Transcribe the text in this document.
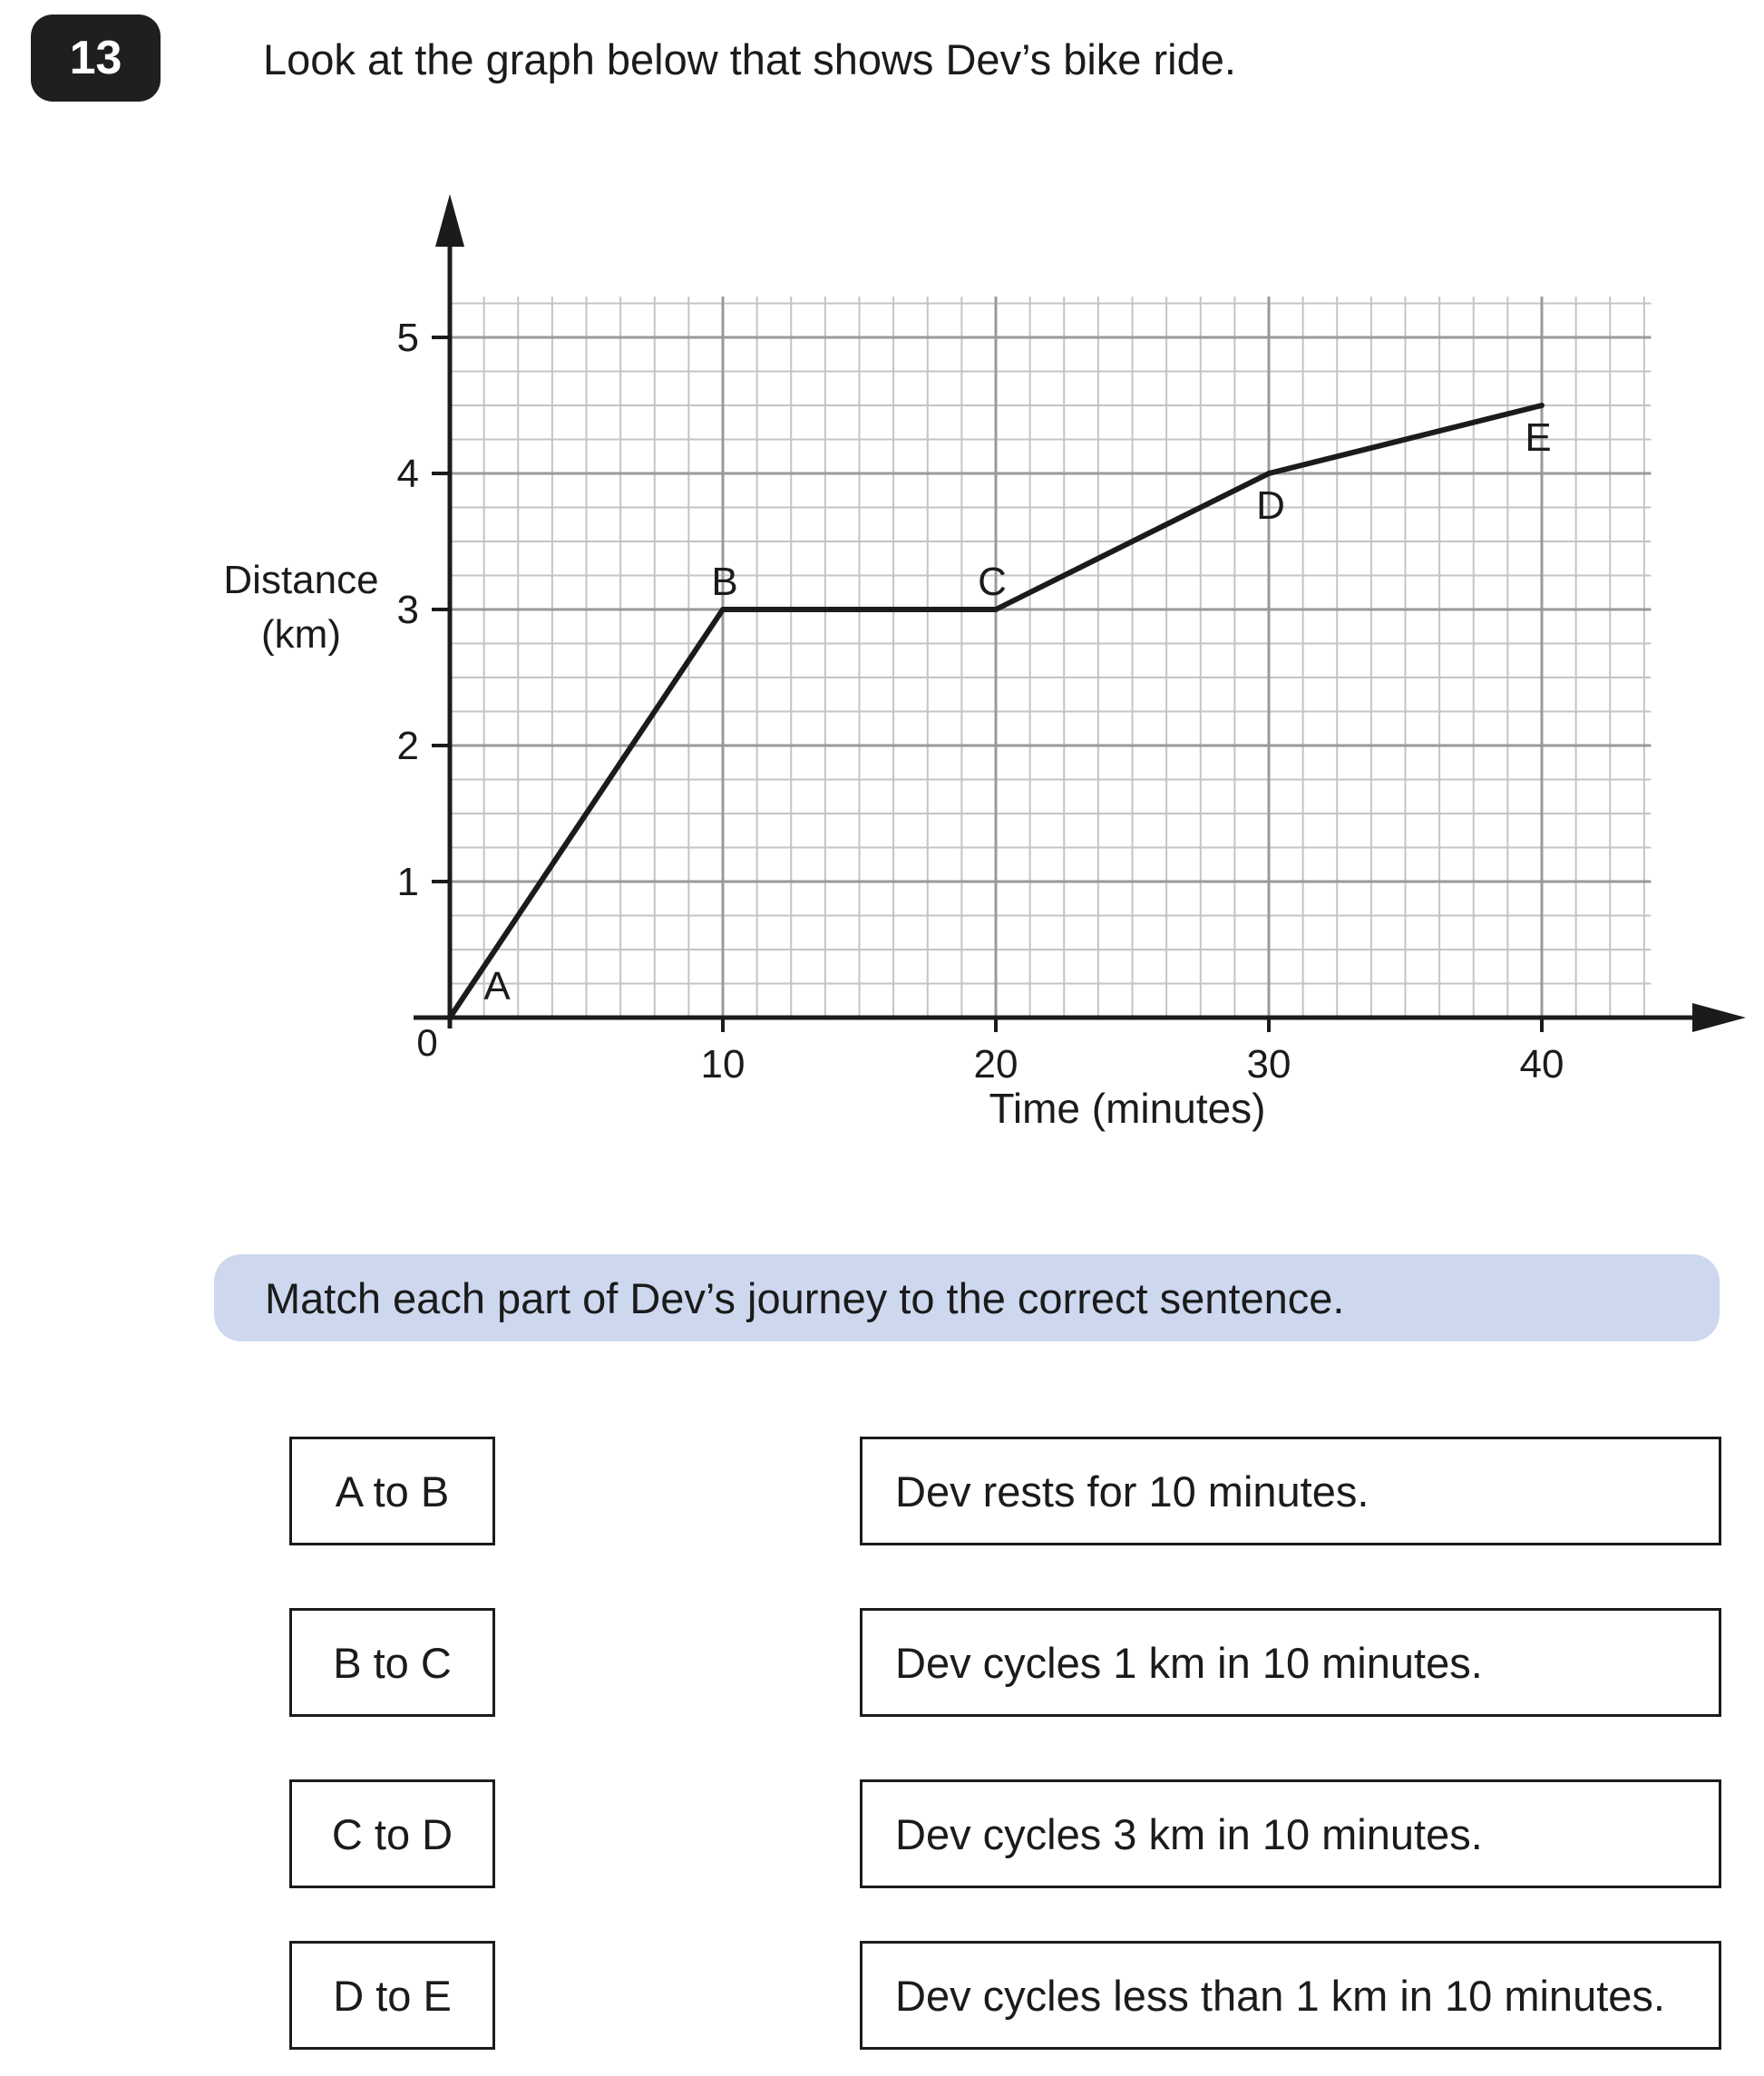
13	Look at the graph below that shows Dev’s bike ride.
10	20	30	40
1
2
3
4
5
A
B	C
D
E
0
Time (minutes)
Distance
(km)
Match each part of Dev’s journey to the correct sentence.
A to B
B to C
C to D
D to E
Dev rests for 10 minutes.
Dev cycles 1 km in 10 minutes.
Dev cycles 3 km in 10 minutes.
Dev cycles less than 1 km in 10 minutes.
